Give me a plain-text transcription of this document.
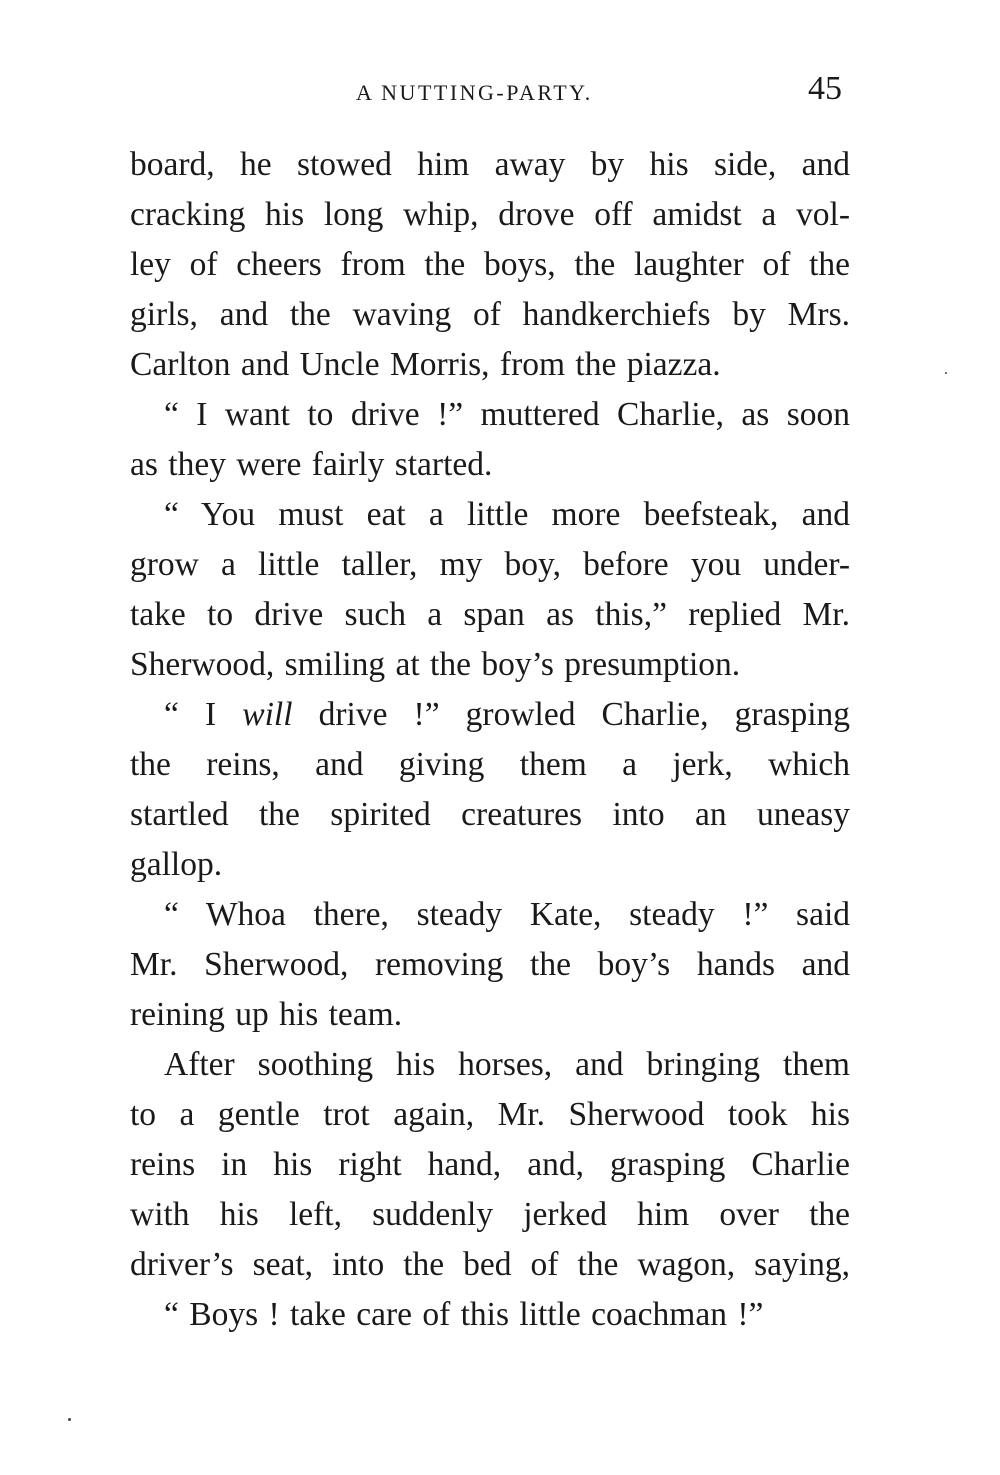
A NUTTING-PARTY.	45

board, he stowed him away by his side, and
cracking his long whip, drove off amidst a vol-
ley of cheers from the boys, the laughter of the
girls, and the waving of handkerchiefs by Mrs.
Carlton and Uncle Morris, from the piazza.

“ I want to drive !” muttered Charlie, as soon
as they were fairly started.

“ You must eat a little more beefsteak, and
grow a little taller, my boy, before you under-
take to drive such a span as this,” replied Mr.
Sherwood, smiling at the boy’s presumption.

“ I will drive !” growled Charlie, grasping
the reins, and giving them a jerk, which
startled the spirited creatures into an uneasy
gallop.

“ Whoa there, steady Kate, steady !” said
Mr. Sherwood, removing the boy’s hands and
reining up his team.

After soothing his horses, and bringing them
to a gentle trot again, Mr. Sherwood took his
reins in his right hand, and, grasping Charlie
with his left, suddenly jerked him over the
driver’s seat, into the bed of the wagon, saying,

“ Boys ! take care of this little coachman !”
